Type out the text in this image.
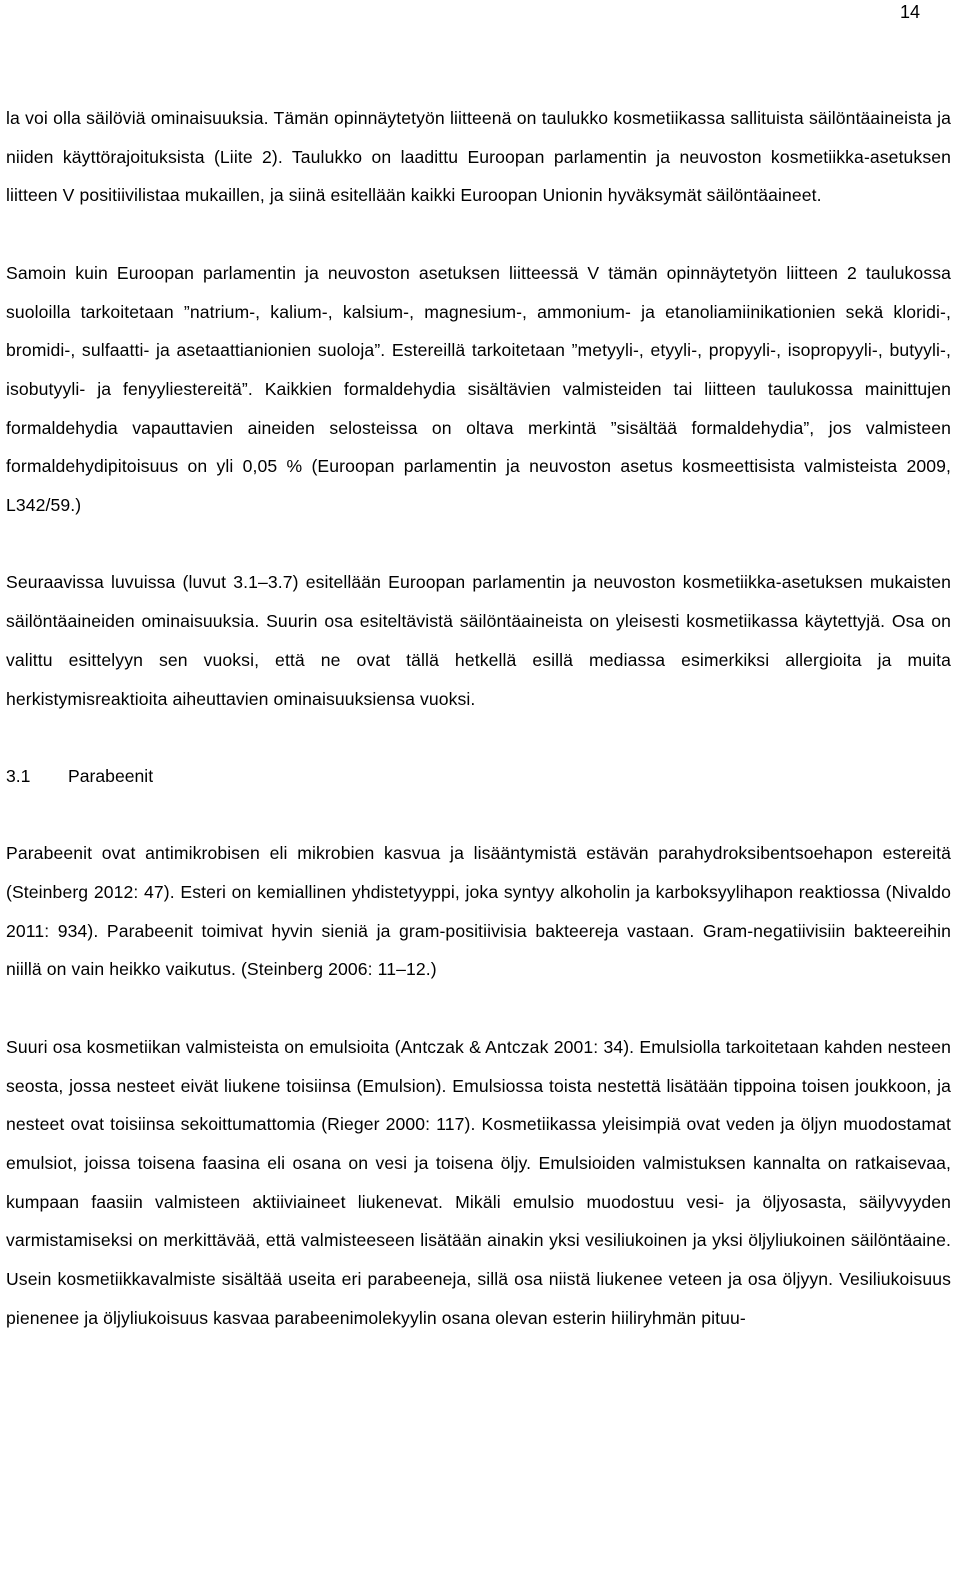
14

la voi olla säilöviä ominaisuuksia. Tämän opinnäytetyön liitteenä on taulukko kosmetiikassa sallituista säilöntäaineista ja niiden käyttörajoituksista (Liite 2). Taulukko on laadittu Euroopan parlamentin ja neuvoston kosmetiikka-asetuksen liitteen V positiivilistaa mukaillen, ja siinä esitellään kaikki Euroopan Unionin hyväksymät säilöntäaineet.

Samoin kuin Euroopan parlamentin ja neuvoston asetuksen liitteessä V tämän opinnäytetyön liitteen 2 taulukossa suoloilla tarkoitetaan ”natrium-, kalium-, kalsium-, magnesium-, ammonium- ja etanoliamiinikationien sekä kloridi-, bromidi-, sulfaatti- ja asetaattianionien suoloja”. Estereillä tarkoitetaan ”metyyli-, etyyli-, propyyli-, isopropyyli-, butyyli-, isobutyyli- ja fenyyliestereitä”. Kaikkien formaldehydia sisältävien valmisteiden tai liitteen taulukossa mainittujen formaldehydia vapauttavien aineiden selosteissa on oltava merkintä ”sisältää formaldehydia”, jos valmisteen formaldehydipitoisuus on yli 0,05 % (Euroopan parlamentin ja neuvoston asetus kosmeettisista valmisteista 2009, L342/59.)

Seuraavissa luvuissa (luvut 3.1–3.7) esitellään Euroopan parlamentin ja neuvoston kosmetiikka-asetuksen mukaisten säilöntäaineiden ominaisuuksia. Suurin osa esiteltävistä säilöntäaineista on yleisesti kosmetiikassa käytettyjä. Osa on valittu esittelyyn sen vuoksi, että ne ovat tällä hetkellä esillä mediassa esimerkiksi allergioita ja muita herkistymisreaktioita aiheuttavien ominaisuuksiensa vuoksi.

3.1 Parabeenit

Parabeenit ovat antimikrobisen eli mikrobien kasvua ja lisääntymistä estävän parahydroksibentsoehapon estereitä (Steinberg 2012: 47). Esteri on kemiallinen yhdistetyyppi, joka syntyy alkoholin ja karboksyylihapon reaktiossa (Nivaldo 2011: 934). Parabeenit toimivat hyvin sieniä ja gram-positiivisia bakteereja vastaan. Gram-negatiivisiin bakteereihin niillä on vain heikko vaikutus. (Steinberg 2006: 11–12.)

Suuri osa kosmetiikan valmisteista on emulsioita (Antczak & Antczak 2001: 34). Emulsiolla tarkoitetaan kahden nesteen seosta, jossa nesteet eivät liukene toisiinsa (Emulsion). Emulsiossa toista nestettä lisätään tippoina toisen joukkoon, ja nesteet ovat toisiinsa sekoittumattomia (Rieger 2000: 117). Kosmetiikassa yleisimpiä ovat veden ja öljyn muodostamat emulsiot, joissa toisena faasina eli osana on vesi ja toisena öljy. Emulsioiden valmistuksen kannalta on ratkaisevaa, kumpaan faasiin valmisteen aktiiviaineet liukenevat. Mikäli emulsio muodostuu vesi- ja öljyosasta, säilyvyyden varmistamiseksi on merkittävää, että valmisteeseen lisätään ainakin yksi vesiliukoinen ja yksi öljyliukoinen säilöntäaine. Usein kosmetiikkavalmiste sisältää useita eri parabeeneja, sillä osa niistä liukenee veteen ja osa öljyyn. Vesiliukoisuus pienenee ja öljyliukoisuus kasvaa parabeenimolekyylin osana olevan esterin hiiliryhmän pituu-
